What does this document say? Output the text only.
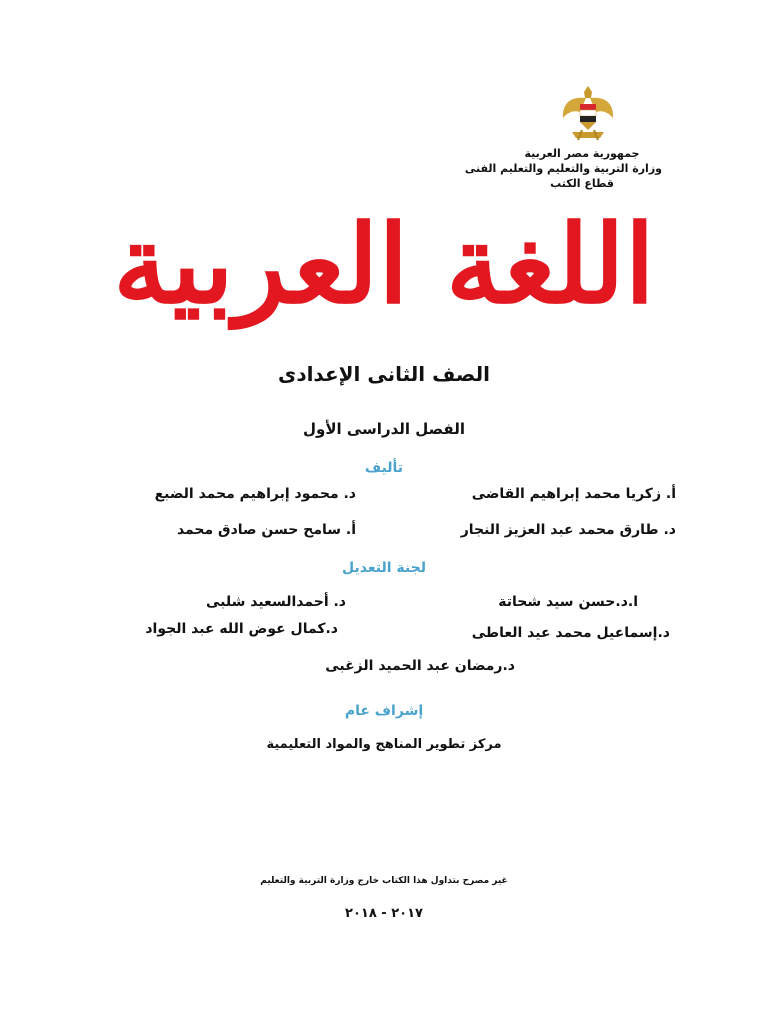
جمهورية مصر العربية
وزارة التربية والتعليم والتعليم الفنى
قطاع الكتب
اللغة العربية
الصف الثانى الإعدادى
الفصل الدراسى الأول
تأليف
أ. زكريا محمد إبراهيم القاضى
د. محمود إبراهيم محمد الضبع
د. طارق محمد عبد العزيز النجار
أ. سامح حسن صادق محمد
لجنة التعديل
ا.د.حسن سيد شحاتة
د. أحمدالسعيد شلبى
د.إسماعيل محمد عيد العاطى
د.كمال عوض الله عبد الجواد
د.رمضان عبد الحميد الزغبى
إشراف عام
مركز تطوير المناهج والمواد التعليمية
غير مصرح بتداول هذا الكتاب خارج وزارة التربية والتعليم
٢٠١٧ - ٢٠١٨
